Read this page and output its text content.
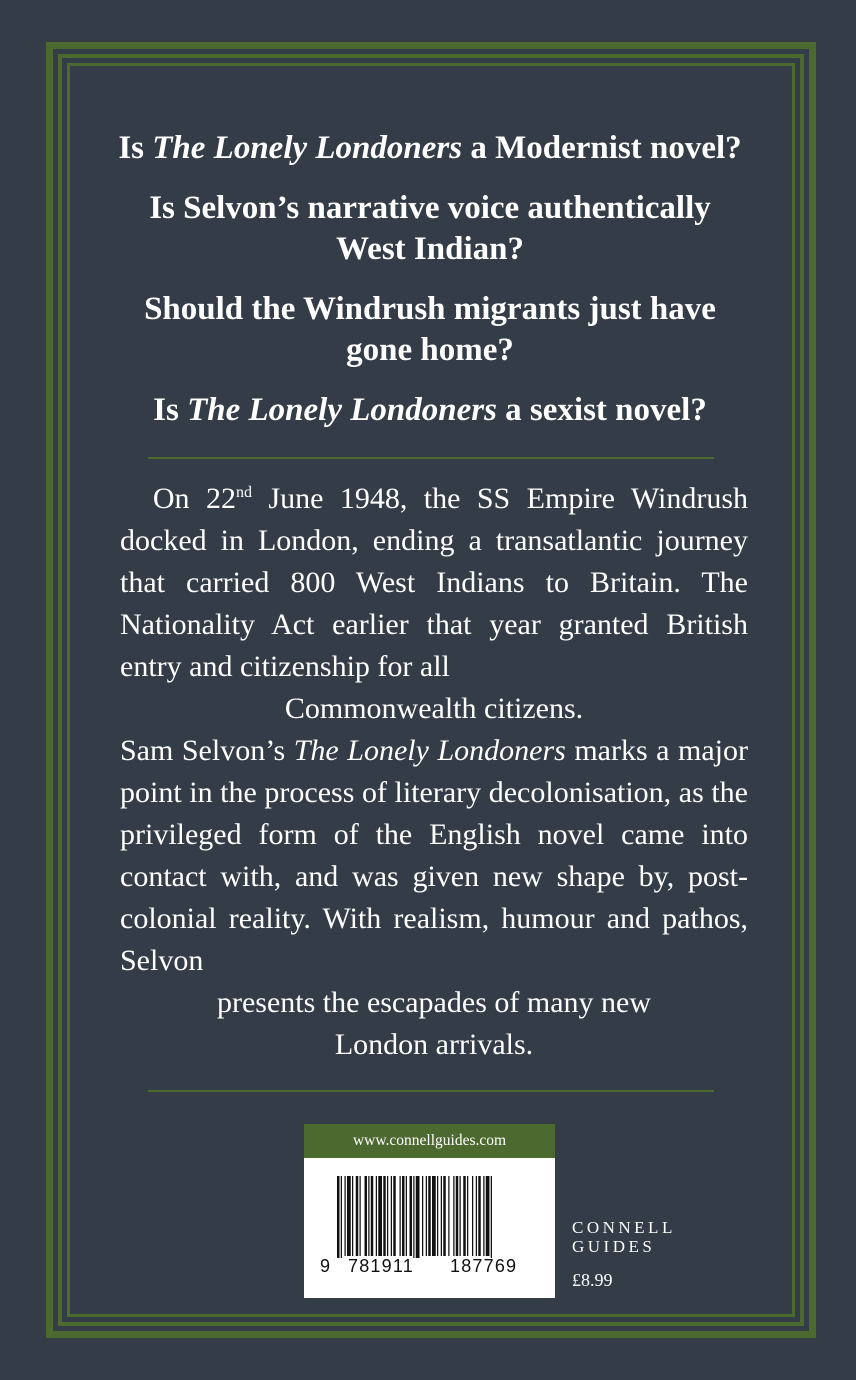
Is The Lonely Londoners a Modernist novel?

Is Selvon’s narrative voice authentically West Indian?

Should the Windrush migrants just have gone home?

Is The Lonely Londoners a sexist novel?

On 22nd June 1948, the SS Empire Windrush docked in London, ending a transatlantic journey that carried 800 West Indians to Britain. The Nationality Act earlier that year granted British entry and citizenship for all

Commonwealth citizens.

Sam Selvon’s The Lonely Londoners marks a major point in the process of literary decolonisation, as the privileged form of the English novel came into contact with, and was given new shape by, post-colonial reality. With realism, humour and pathos, Selvon

presents the escapades of many new

London arrivals.

www.connellguides.com
9 781911 187769
CONNELL
GUIDES
£8.99
